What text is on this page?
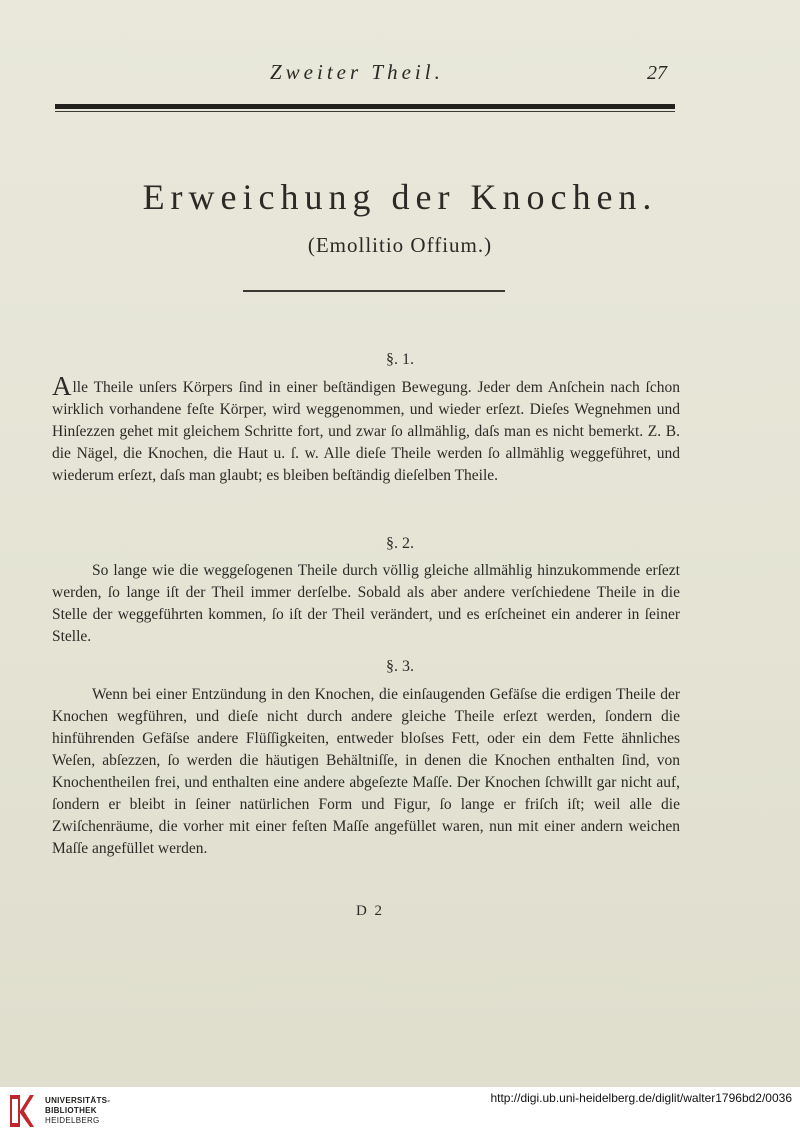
Zweiter Theil.	27
Erweichung der Knochen.
(Emollitio Offium.)
§. 1.

Alle Theile unſers Körpers ſind in einer beſtändigen Bewegung. Jeder dem Anſchein nach ſchon wirklich vorhandene feſte Körper, wird weggenommen, und wieder erſezt. Dieſes Wegnehmen und Hinſezzen gehet mit gleichem Schritte fort, und zwar ſo allmählig, daſs man es nicht bemerkt. Z. B. die Nägel, die Knochen, die Haut u. ſ. w. Alle dieſe Theile werden ſo allmählig weggeführet, und wiederum erſezt, daſs man glaubt; es bleiben beſtändig dieſelben Theile.

§. 2.

So lange wie die weggeſogenen Theile durch völlig gleiche allmählig hinzukommende erſezt werden, ſo lange iſt der Theil immer derſelbe. Sobald als aber andere verſchiedene Theile in die Stelle der weggeführten kommen, ſo iſt der Theil verändert, und es erſcheinet ein anderer in ſeiner Stelle.

§. 3.

Wenn bei einer Entzündung in den Knochen, die einſaugenden Gefäſse die erdigen Theile der Knochen wegführen, und dieſe nicht durch andere gleiche Theile erſezt werden, ſondern die hinführenden Gefäſse andere Flüſſigkeiten, entweder bloſses Fett, oder ein dem Fette ähnliches Weſen, abſezzen, ſo werden die häutigen Behältniſſe, in denen die Knochen enthalten ſind, von Knochentheilen frei, und enthalten eine andere abgeſezte Maſſe. Der Knochen ſchwillt gar nicht auf, ſondern er bleibt in ſeiner natürlichen Form und Figur, ſo lange er friſch iſt; weil alle die Zwiſchenräume, die vorher mit einer feſten Maſſe angefüllet waren, nun mit einer andern weichen Maſſe angefüllet werden.

D 2
UNIVERSITÄTS-
BIBLIOTHEK
HEIDELBERG
http://digi.ub.uni-heidelberg.de/diglit/walter1796bd2/0036
